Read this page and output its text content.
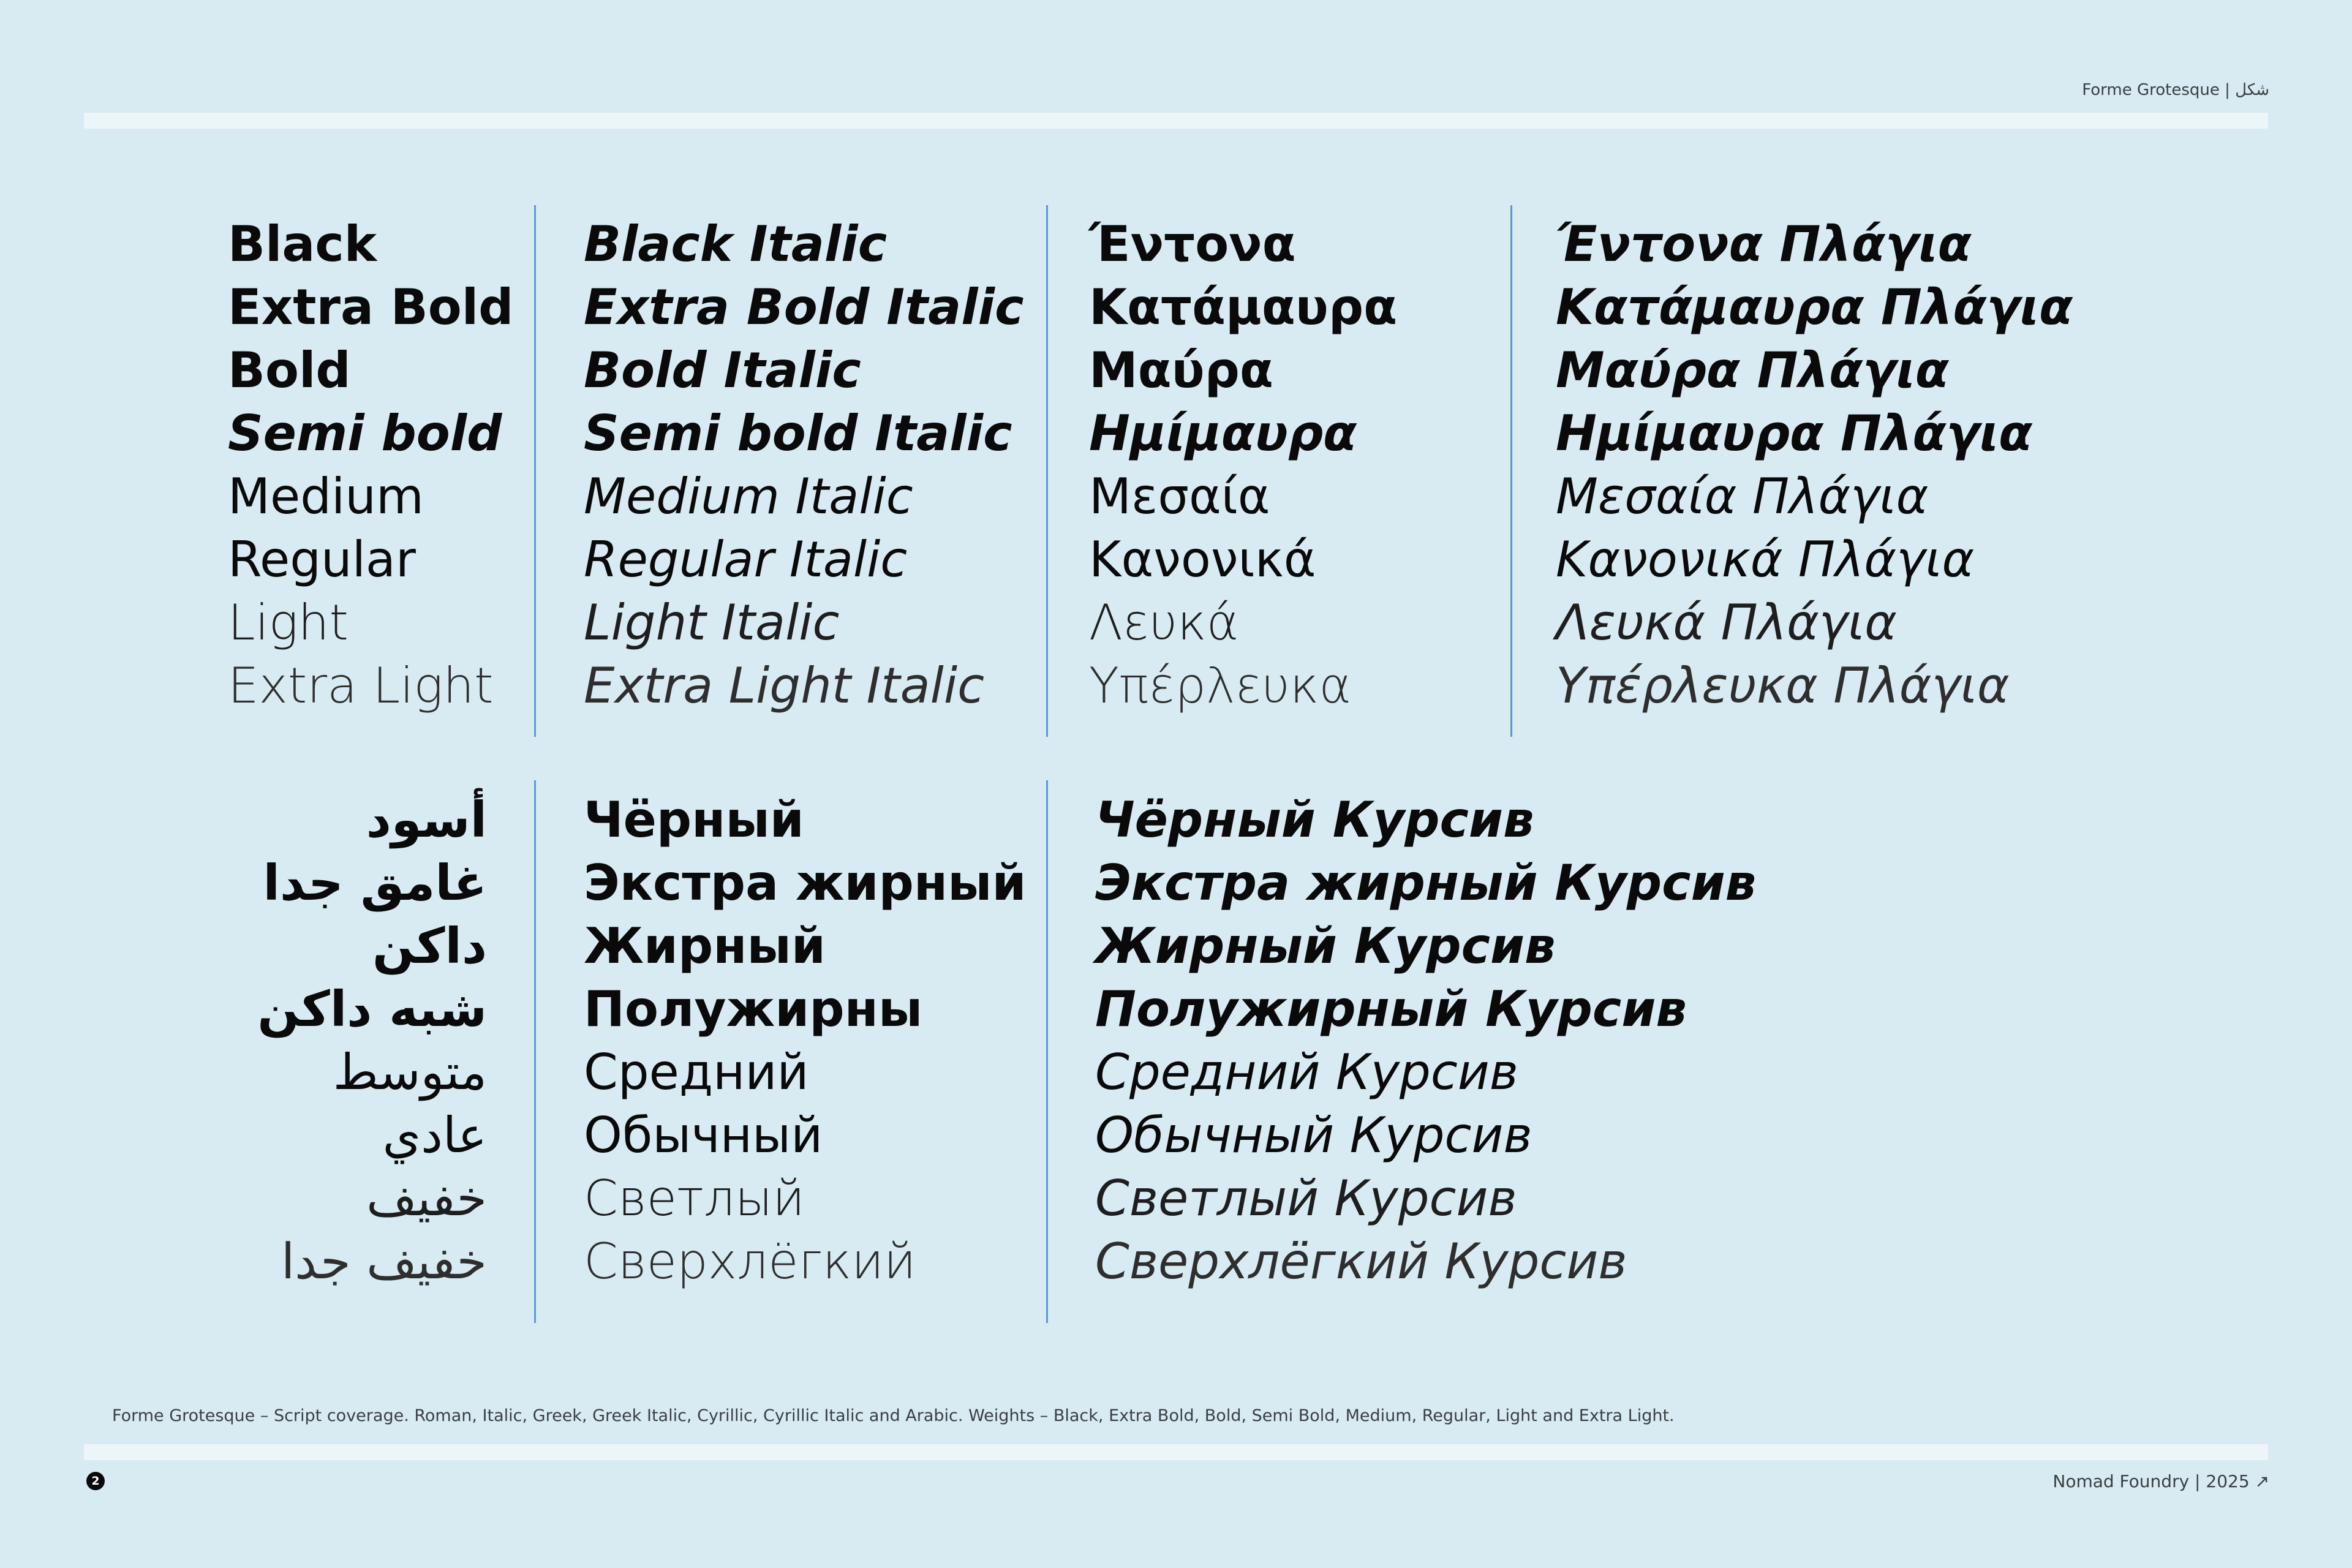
Forme Grotesque | شكل
Black
Extra Bold
Bold
Semi bold
Medium
Regular
Light
Extra Light
Black Italic
Extra Bold Italic
Bold Italic
Semi bold Italic
Medium Italic
Regular Italic
Light Italic
Extra Light Italic
Έντονα
Κατάμαυρα
Μαύρα
Ημίμαυρα
Μεσαία
Κανονικά
Λευκά
Υπέρλευκα
Έντονα Πλάγια
Κατάμαυρα Πλάγια
Μαύρα Πλάγια
Ημίμαυρα Πλάγια
Μεσαία Πλάγια
Κανονικά Πλάγια
Λευκά Πλάγια
Υπέρλευκα Πλάγια
أسود
غامق جدا
داكن
شبه داكن
متوسط
عادي
خفيف
خفيف جدا
Чёрный
Экстра жирный
Жирный
Полужирны
Средний
Обычный
Светлый
Сверхлёгкий
Чёрный Курсив
Экстра жирный Курсив
Жирный Курсив
Полужирный Курсив
Средний Курсив
Обычный Курсив
Светлый Курсив
Сверхлёгкий Курсив
Forme Grotesque – Script coverage. Roman, Italic, Greek, Greek Italic, Cyrillic, Cyrillic Italic and Arabic. Weights – Black, Extra Bold, Bold, Semi Bold, Medium, Regular, Light and Extra Light.
2	Nomad Foundry | 2025 ↗
